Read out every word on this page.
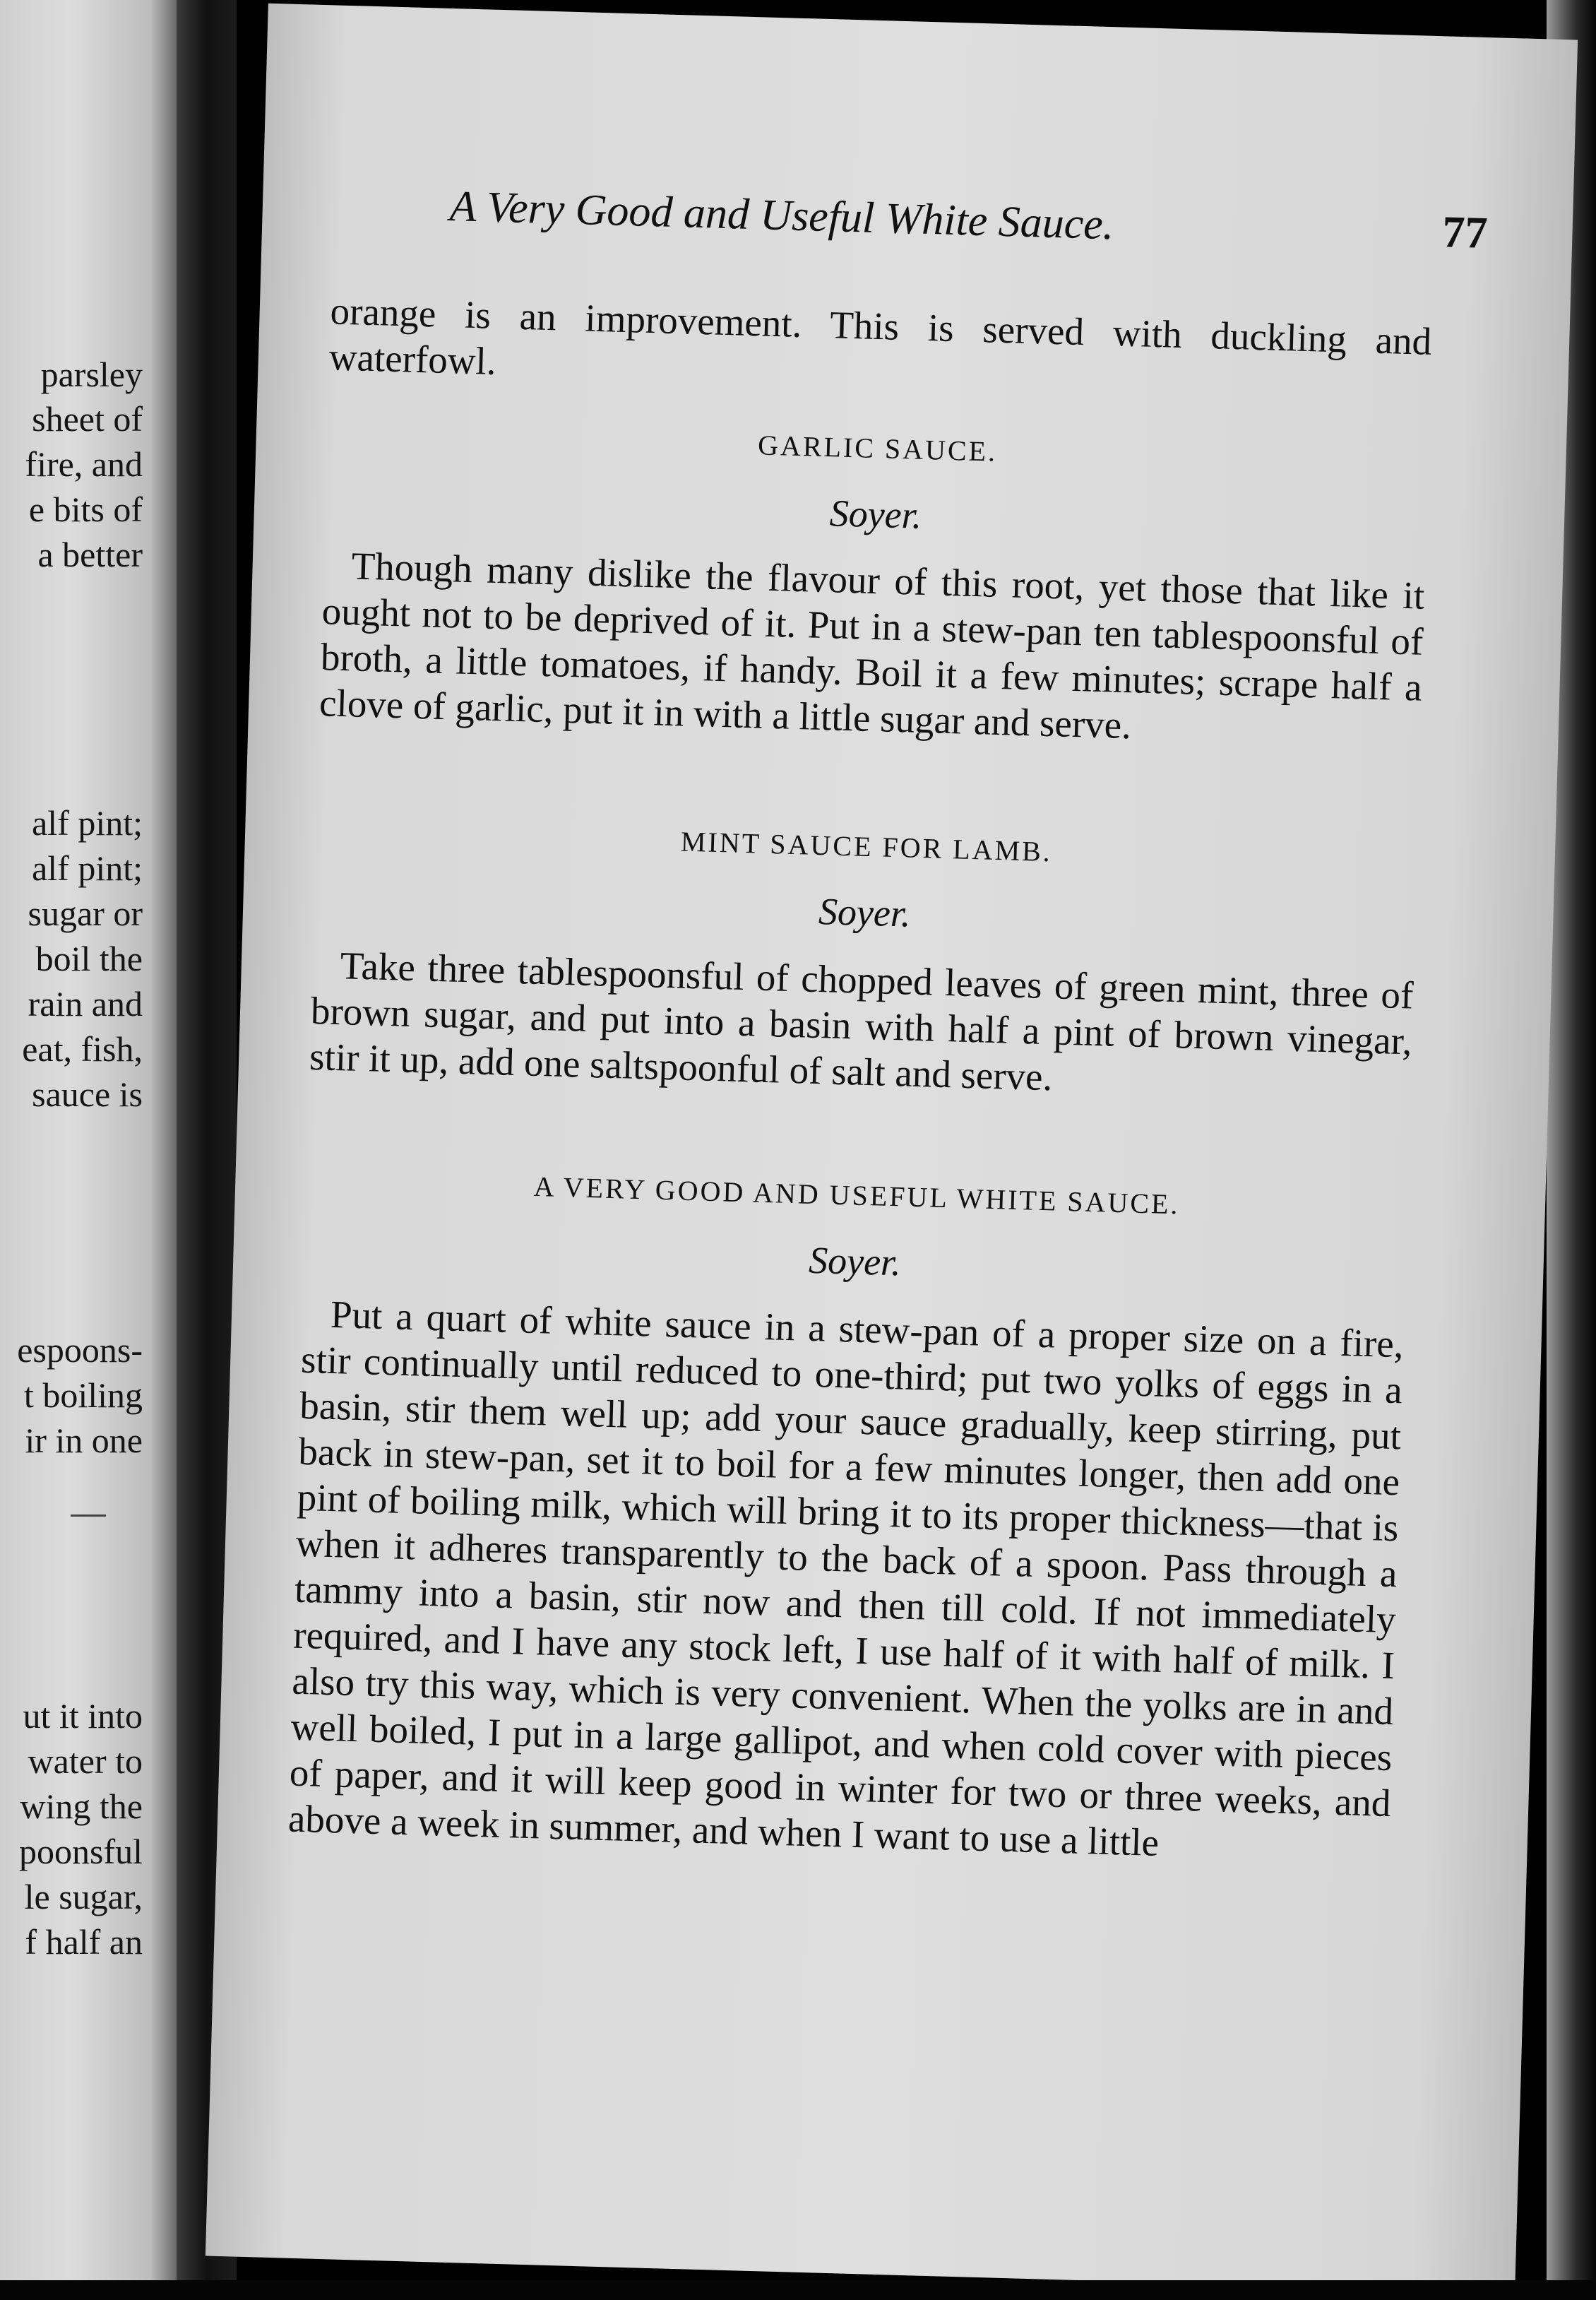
parsley
sheet of
fire, and
e bits of
a better
alf pint;
alf pint;
sugar or
boil the
rain and
eat, fish,
sauce is
espoons-
t boiling
ir in one
ut it into
water to
wing the
poonsful
le sugar,
f half an
A Very Good and Useful White Sauce.	77

orange is an improvement. This is served with duckling and waterfowl.

GARLIC SAUCE.
Soyer.

Though many dislike the flavour of this root, yet those that like it ought not to be deprived of it. Put in a stew-pan ten tablespoonsful of broth, a little tomatoes, if handy. Boil it a few minutes; scrape half a clove of garlic, put it in with a little sugar and serve.

MINT SAUCE FOR LAMB.
Soyer.

Take three tablespoonsful of chopped leaves of green mint, three of brown sugar, and put into a basin with half a pint of brown vinegar, stir it up, add one saltspoonful of salt and serve.

A VERY GOOD AND USEFUL WHITE SAUCE.
Soyer.

Put a quart of white sauce in a stew-pan of a proper size on a fire, stir continually until reduced to one-third; put two yolks of eggs in a basin, stir them well up; add your sauce gradually, keep stirring, put back in stew-pan, set it to boil for a few minutes longer, then add one pint of boiling milk, which will bring it to its proper thickness—that is when it adheres transparently to the back of a spoon. Pass through a tammy into a basin, stir now and then till cold. If not immediately required, and I have any stock left, I use half of it with half of milk. I also try this way, which is very convenient. When the yolks are in and well boiled, I put in a large gallipot, and when cold cover with pieces of paper, and it will keep good in winter for two or three weeks, and above a week in summer, and when I want to use a little
